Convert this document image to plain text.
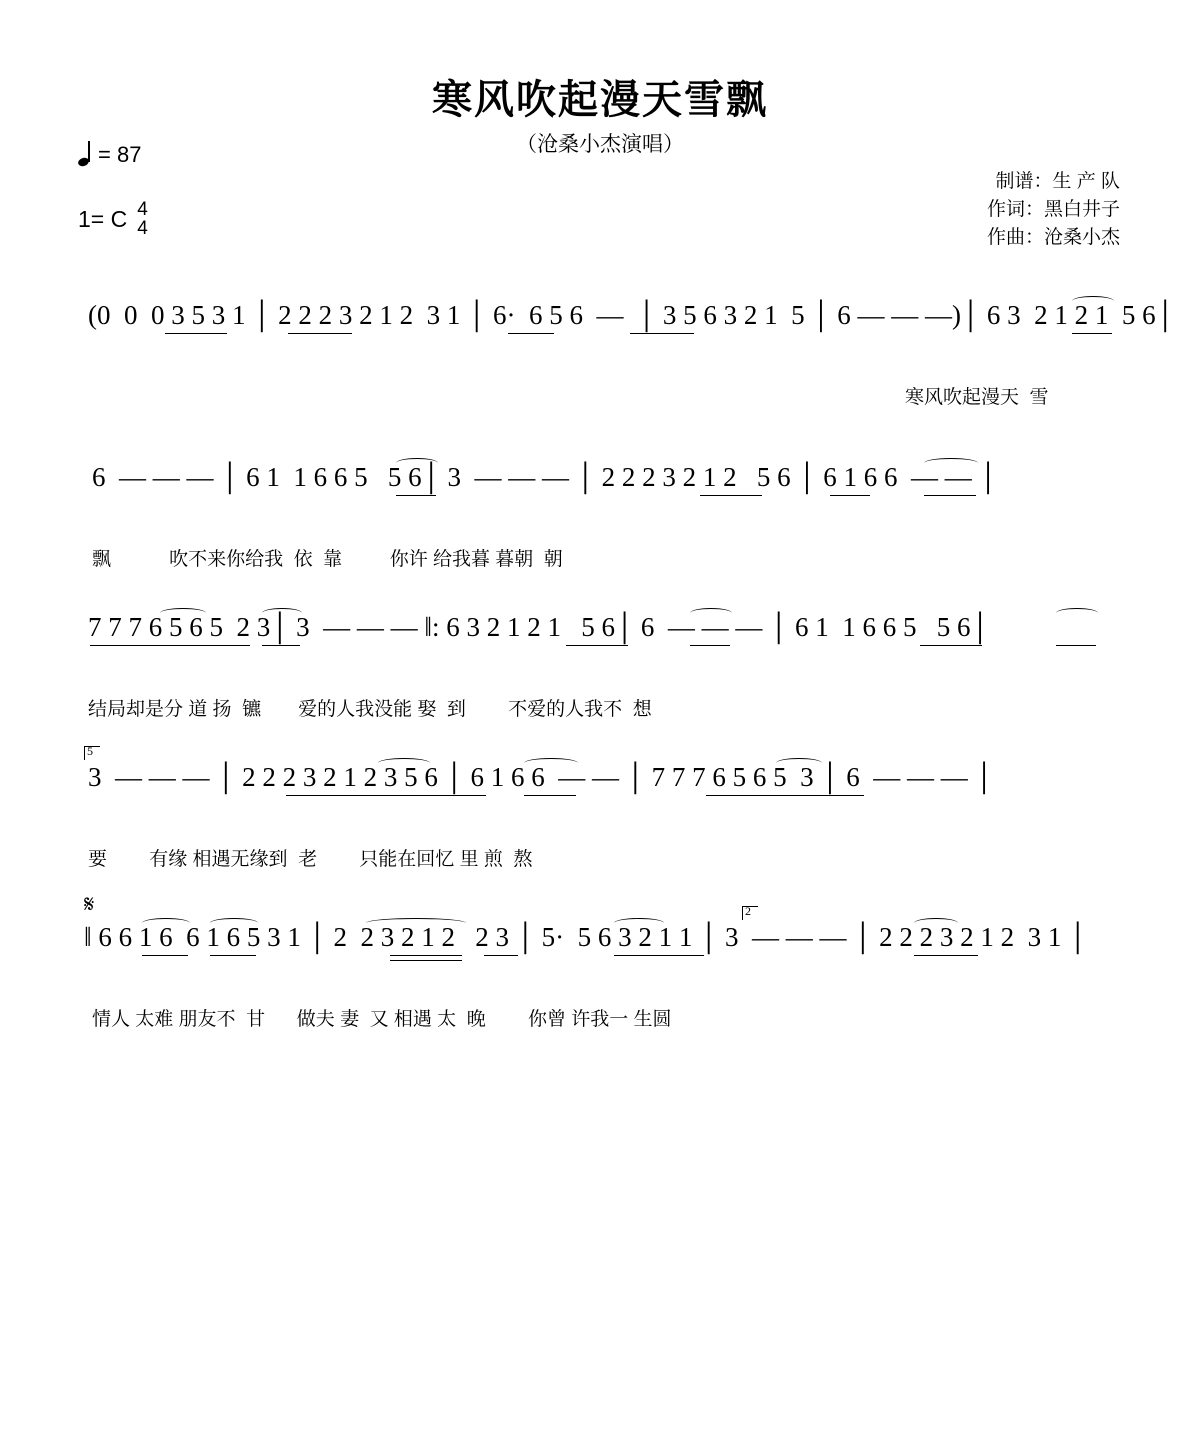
寒风吹起漫天雪飘
（沧桑小杰演唱）
= 87
1= C 4
4
制谱：生 产 队
作词：黑白井子
作曲：沧桑小杰

(0  0  0 3 5 3 1 │ 2 2 2 3 2 1 2  3 1 │ 6·  6 5 6  —  │ 3 5 6 3 2 1  5 │ 6 — — —)│ 6 3  2 1 2 1  5 6│

寒风吹起漫天  雪

6  — — — │ 6 1  1 6 6 5   5 6│ 3  — — — │ 2 2 2 3 2 1 2   5 6 │ 6 1 6 6  — — │

飘           吹不来你给我  依  靠         你许 给我暮 暮朝  朝

7 7 7 6 5 6 5  2 3│ 3  — — — ‖: 6 3 2 1 2 1   5 6│ 6  — — — │ 6 1  1 6 6 5   5 6│

结局却是分 道 扬  镳       爱的人我没能 娶  到        不爱的人我不  想

3  — — — │ 2 2 2 3 2 1 2 3 5 6 │ 6 1 6 6  — — │ 7 7 7 6 5 6 5  3 │ 6  — — — │

5

要        有缘 相遇无缘到  老        只能在回忆 里 煎  熬

𝄋

‖ 6 6 1 6  6 1 6 5 3 1 │ 2  2 3 2 1 2   2 3 │ 5·  5 6 3 2 1 1 │ 3  — — — │ 2 2 2 3 2 1 2  3 1 │

2

情人 太难 朋友不  甘      做夫 妻  又 相遇 太  晚        你曾 许我一 生圆
